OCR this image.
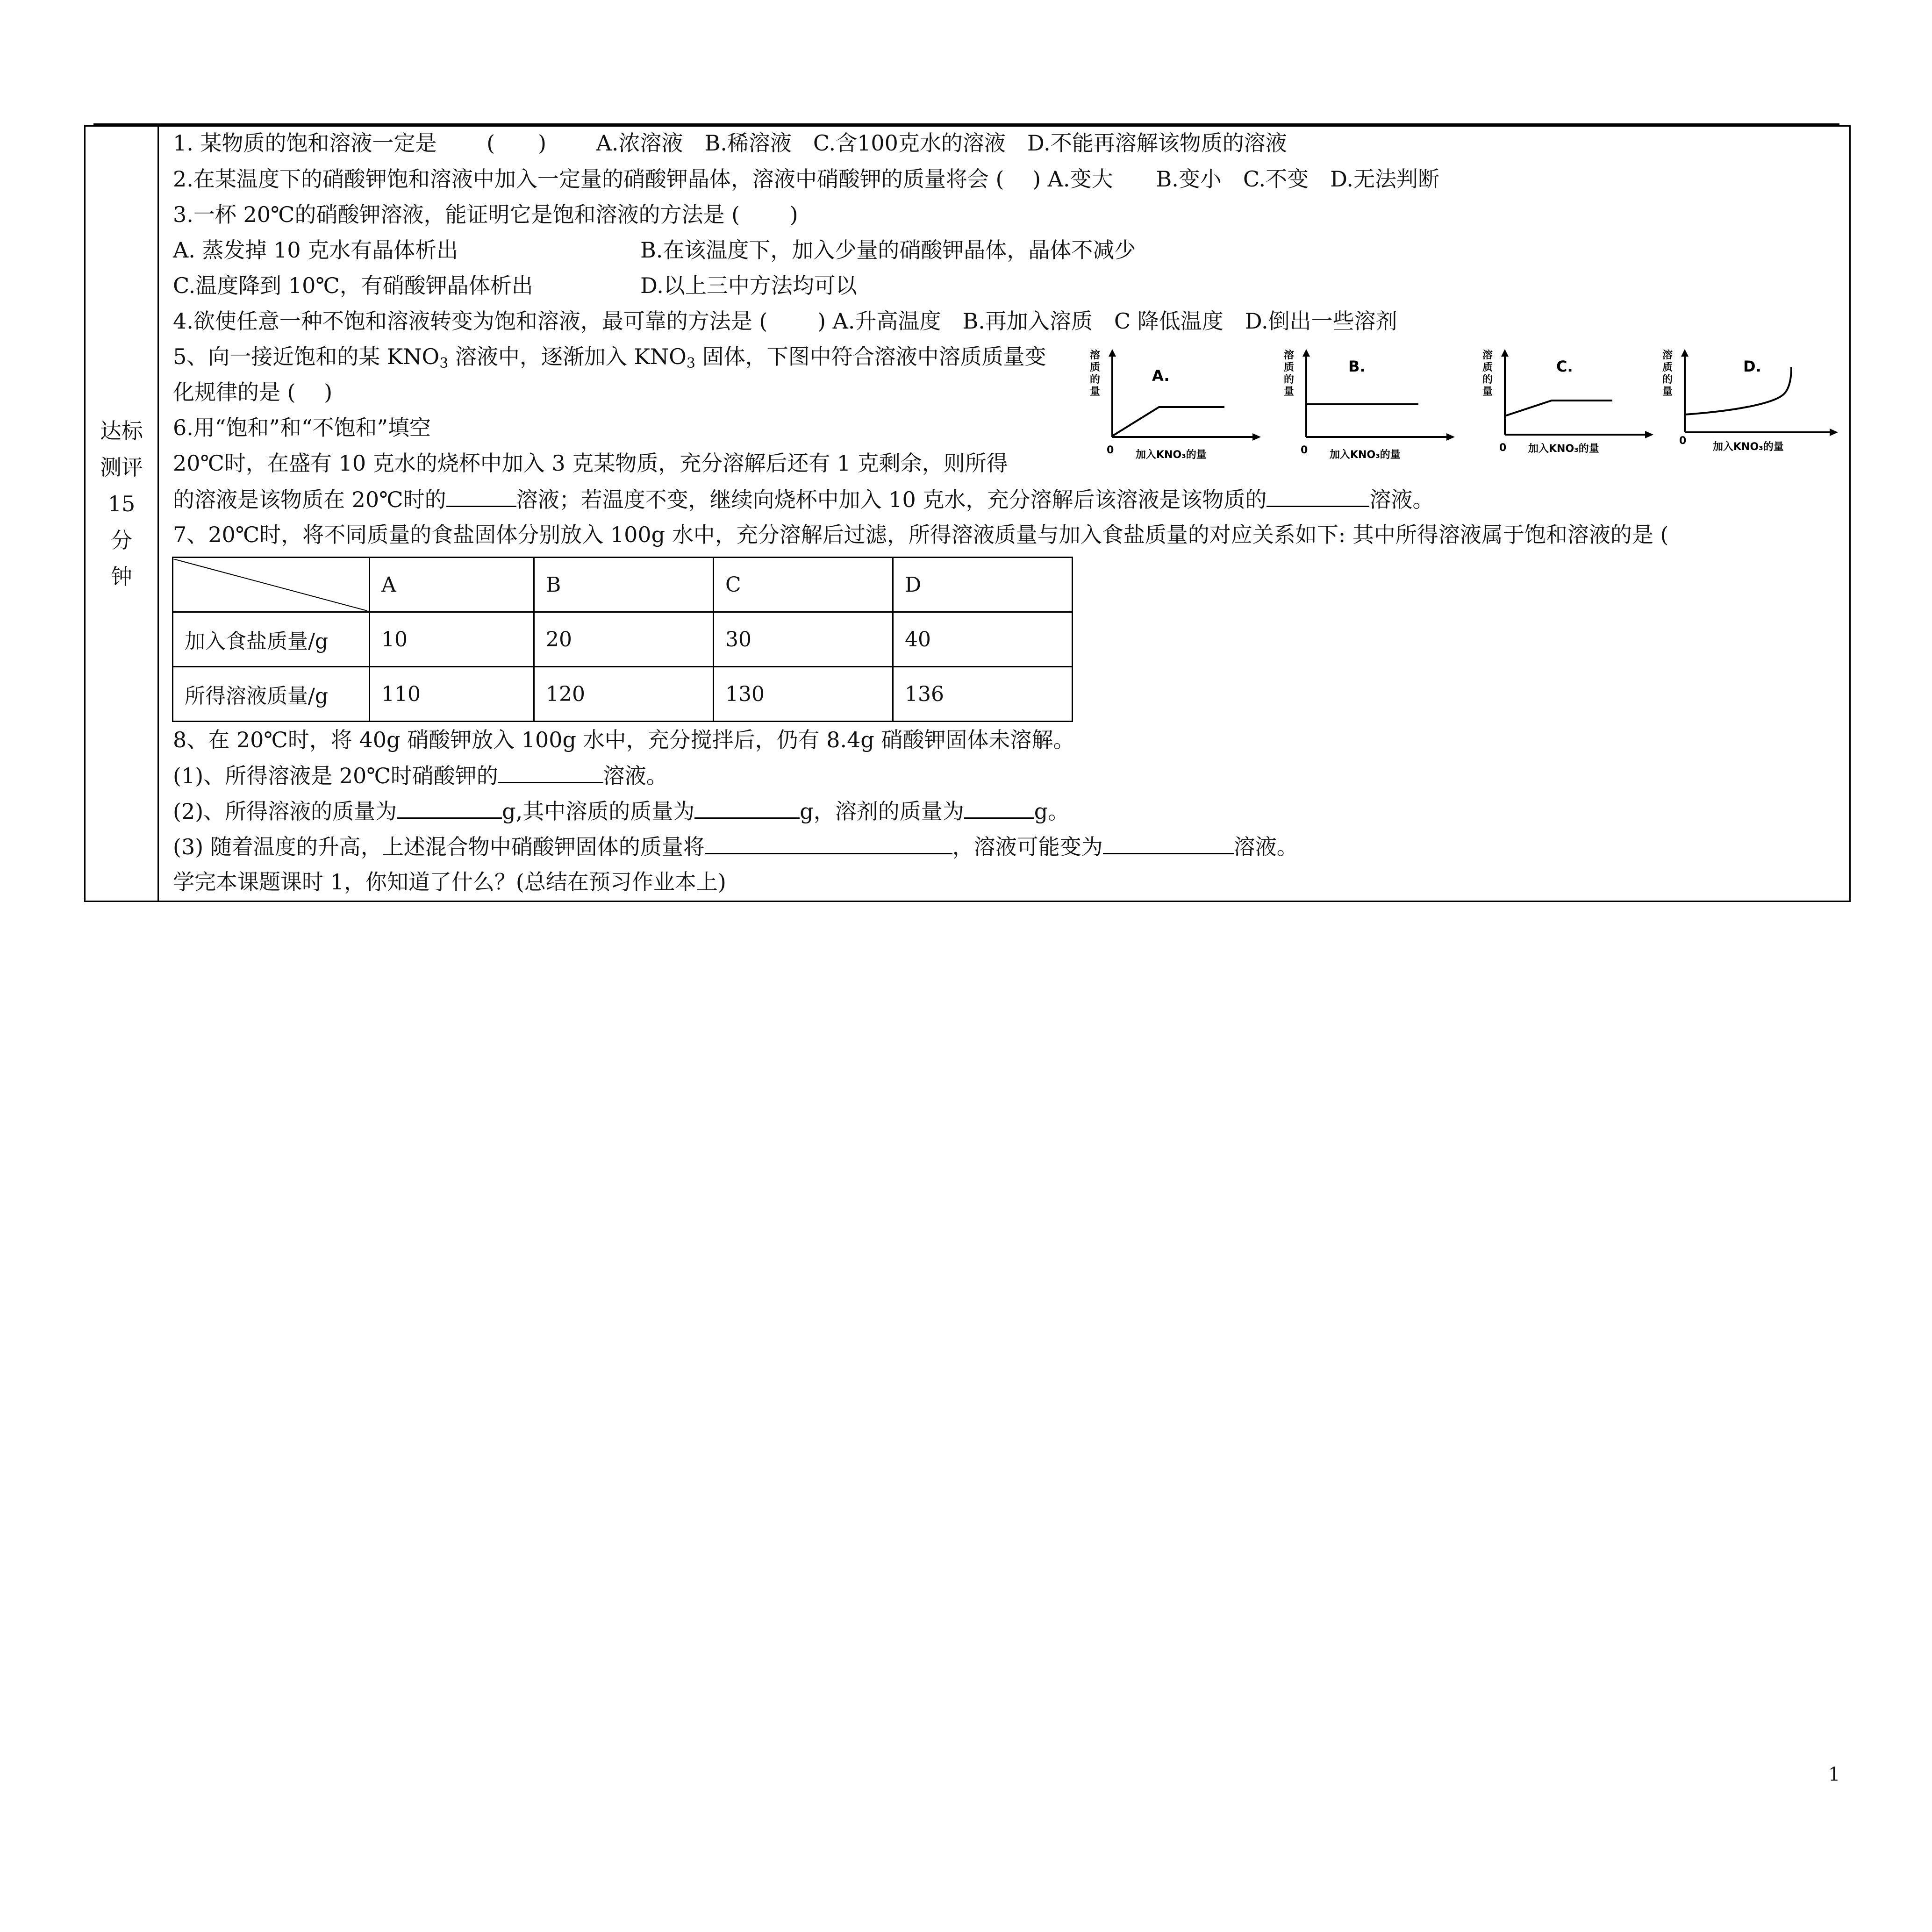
达标
测评
15
分
钟
1. 某物质的饱和溶液一定是　　 (　　)　　 A.浓溶液　B.稀溶液　C.含100克水的溶液　D.不能再溶解该物质的溶液
2.在某温度下的硝酸钾饱和溶液中加入一定量的硝酸钾晶体，溶液中硝酸钾的质量将会 (　 ) A.变大　　B.变小　C.不变　D.无法判断
3.一杯 20℃的硝酸钾溶液，能证明它是饱和溶液的方法是 (　　 )
A. 蒸发掉 10 克水有晶体析出	B.在该温度下，加入少量的硝酸钾晶体，晶体不减少
C.温度降到 10℃，有硝酸钾晶体析出	D.以上三中方法均可以
4.欲使任意一种不饱和溶液转变为饱和溶液，最可靠的方法是 (　　 ) A.升高温度　B.再加入溶质　C 降低温度　D.倒出一些溶剂
5、向一接近饱和的某 $KNO_3$ 溶液中，逐渐加入 $KNO_3$ 固体，下图中符合溶液中溶质质量变
化规律的是 (　 )
6.用“饱和”和“不饱和”填空
20℃时，在盛有 10 克水的烧杯中加入 3 克某物质，充分溶解后还有 1 克剩余，则所得
的溶液是该物质在 20℃时的	溶液；若温度不变，继续向烧杯中加入 10 克水，充分溶解后该溶液是该物质的	溶液。
7、20℃时，将不同质量的食盐固体分别放入 100g 水中，充分溶解后过滤，所得溶液质量与加入食盐质量的对应关系如下: 其中所得溶液属于饱和溶液的是 (
	A	B	C	D
加入食盐质量/g	10	20	30	40
所得溶液质量/g	110	120	130	136
8、在 20℃时，将 40g 硝酸钾放入 100g 水中，充分搅拌后，仍有 8.4g 硝酸钾固体未溶解。
(1)、所得溶液是 20℃时硝酸钾的	溶液。
(2)、所得溶液的质量为	g,其中溶质的质量为	g，溶剂的质量为	g。
(3) 随着温度的升高，上述混合物中硝酸钾固体的质量将	，溶液可能变为	溶液。
学完本课题课时 1，你知道了什么？(总结在预习作业本上)
溶
质
的
量
A.
0 加入KNO₃的量
溶
质
的
量
B.
0 加入KNO₃的量
溶
质
的
量
C.
0 加入KNO₃的量
溶
质
的
量
D.
0
加入KNO₃的量
1
